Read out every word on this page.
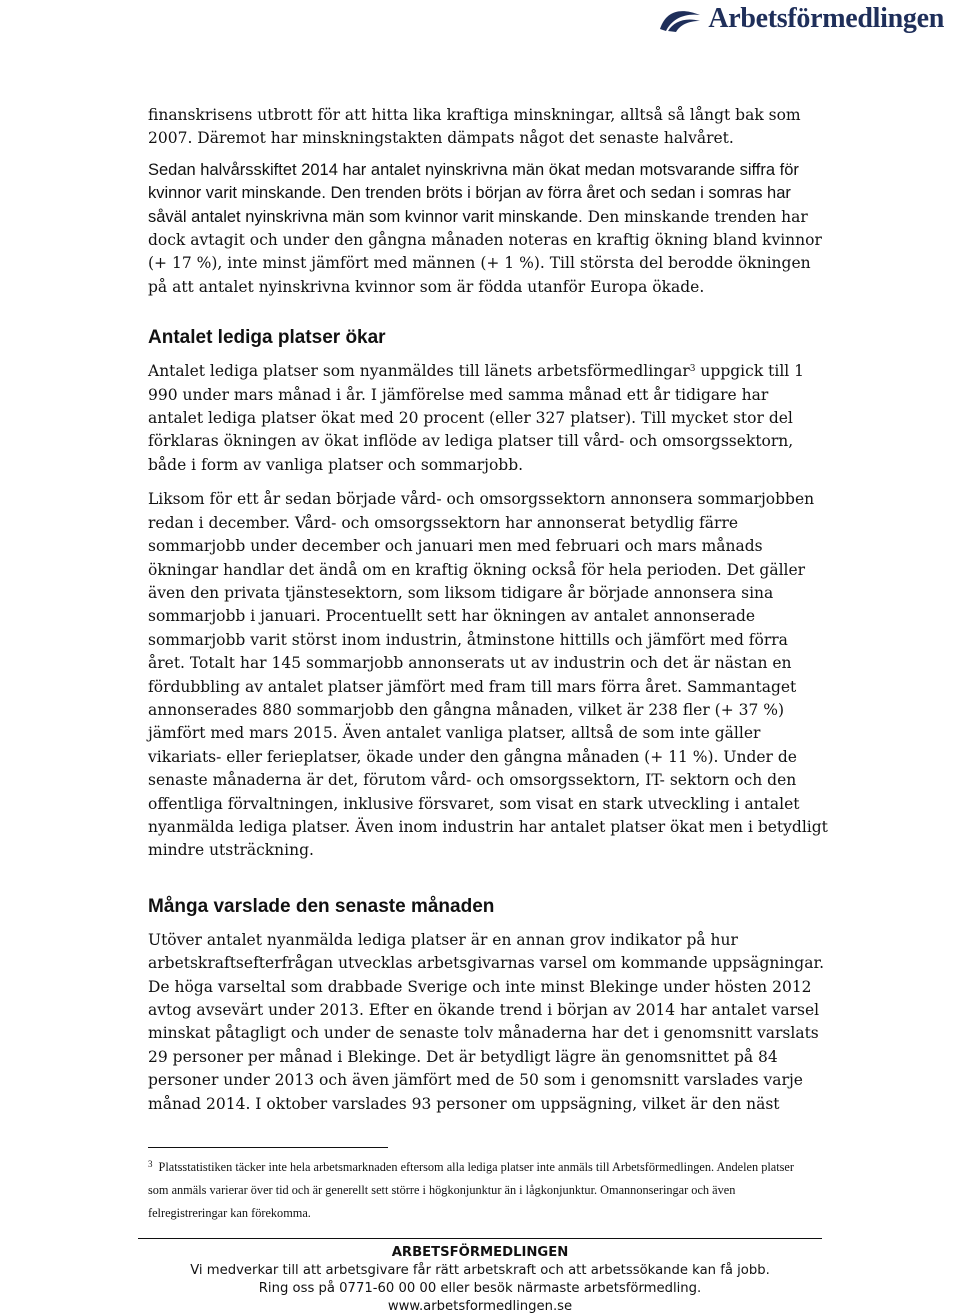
Arbetsförmedlingen

finanskrisens utbrott för att hitta lika kraftiga minskningar, alltså så långt bak som 2007. Däremot har minskningstakten dämpats något det senaste halvåret.

Sedan halvårsskiftet 2014 har antalet nyinskrivna män ökat medan motsvarande siffra för kvinnor varit minskande. Den trenden bröts i början av förra året och sedan i somras har såväl antalet nyinskrivna män som kvinnor varit minskande. Den minskande trenden har dock avtagit och under den gångna månaden noteras en kraftig ökning bland kvinnor (+ 17 %), inte minst jämfört med männen (+ 1 %). Till största del berodde ökningen på att antalet nyinskrivna kvinnor som är födda utanför Europa ökade.

Antalet lediga platser ökar

Antalet lediga platser som nyanmäldes till länets arbetsförmedlingar$^3$ uppgick till 1 990 under mars månad i år. I jämförelse med samma månad ett år tidigare har antalet lediga platser ökat med 20 procent (eller 327 platser). Till mycket stor del förklaras ökningen av ökat inflöde av lediga platser till vård- och omsorgssektorn, både i form av vanliga platser och sommarjobb.

Liksom för ett år sedan började vård- och omsorgssektorn annonsera sommarjobben redan i december. Vård- och omsorgssektorn har annonserat betydlig färre sommarjobb under december och januari men med februari och mars månads ökningar handlar det ändå om en kraftig ökning också för hela perioden. Det gäller även den privata tjänstesektorn, som liksom tidigare år började annonsera sina sommarjobb i januari. Procentuellt sett har ökningen av antalet annonserade sommarjobb varit störst inom industrin, åtminstone hittills och jämfört med förra året. Totalt har 145 sommarjobb annonserats ut av industrin och det är nästan en fördubbling av antalet platser jämfört med fram till mars förra året. Sammantaget annonserades 880 sommarjobb den gångna månaden, vilket är 238 fler (+ 37 %) jämfört med mars 2015. Även antalet vanliga platser, alltså de som inte gäller vikariats- eller ferieplatser, ökade under den gångna månaden (+ 11 %). Under de senaste månaderna är det, förutom vård- och omsorgssektorn, IT- sektorn och den offentliga förvaltningen, inklusive försvaret, som visat en stark utveckling i antalet nyanmälda lediga platser. Även inom industrin har antalet platser ökat men i betydligt mindre utsträckning.

Många varslade den senaste månaden

Utöver antalet nyanmälda lediga platser är en annan grov indikator på hur arbetskraftsefterfrågan utvecklas arbetsgivarnas varsel om kommande uppsägningar. De höga varseltal som drabbade Sverige och inte minst Blekinge under hösten 2012 avtog avsevärt under 2013. Efter en ökande trend i början av 2014 har antalet varsel minskat påtagligt och under de senaste tolv månaderna har det i genomsnitt varslats 29 personer per månad i Blekinge. Det är betydligt lägre än genomsnittet på 84 personer under 2013 och även jämfört med de 50 som i genomsnitt varslades varje månad 2014. I oktober varslades 93 personer om uppsägning, vilket är den näst

$^3$ Platsstatistiken täcker inte hela arbetsmarknaden eftersom alla lediga platser inte anmäls till Arbetsförmedlingen. Andelen platser som anmäls varierar över tid och är generellt sett större i högkonjunktur än i lågkonjunktur. Omannonseringar och även felregistreringar kan förekomma.
ARBETSFÖRMEDLINGEN
Vi medverkar till att arbetsgivare får rätt arbetskraft och att arbetssökande kan få jobb.
Ring oss på 0771-60 00 00 eller besök närmaste arbetsförmedling.
www.arbetsformedlingen.se
